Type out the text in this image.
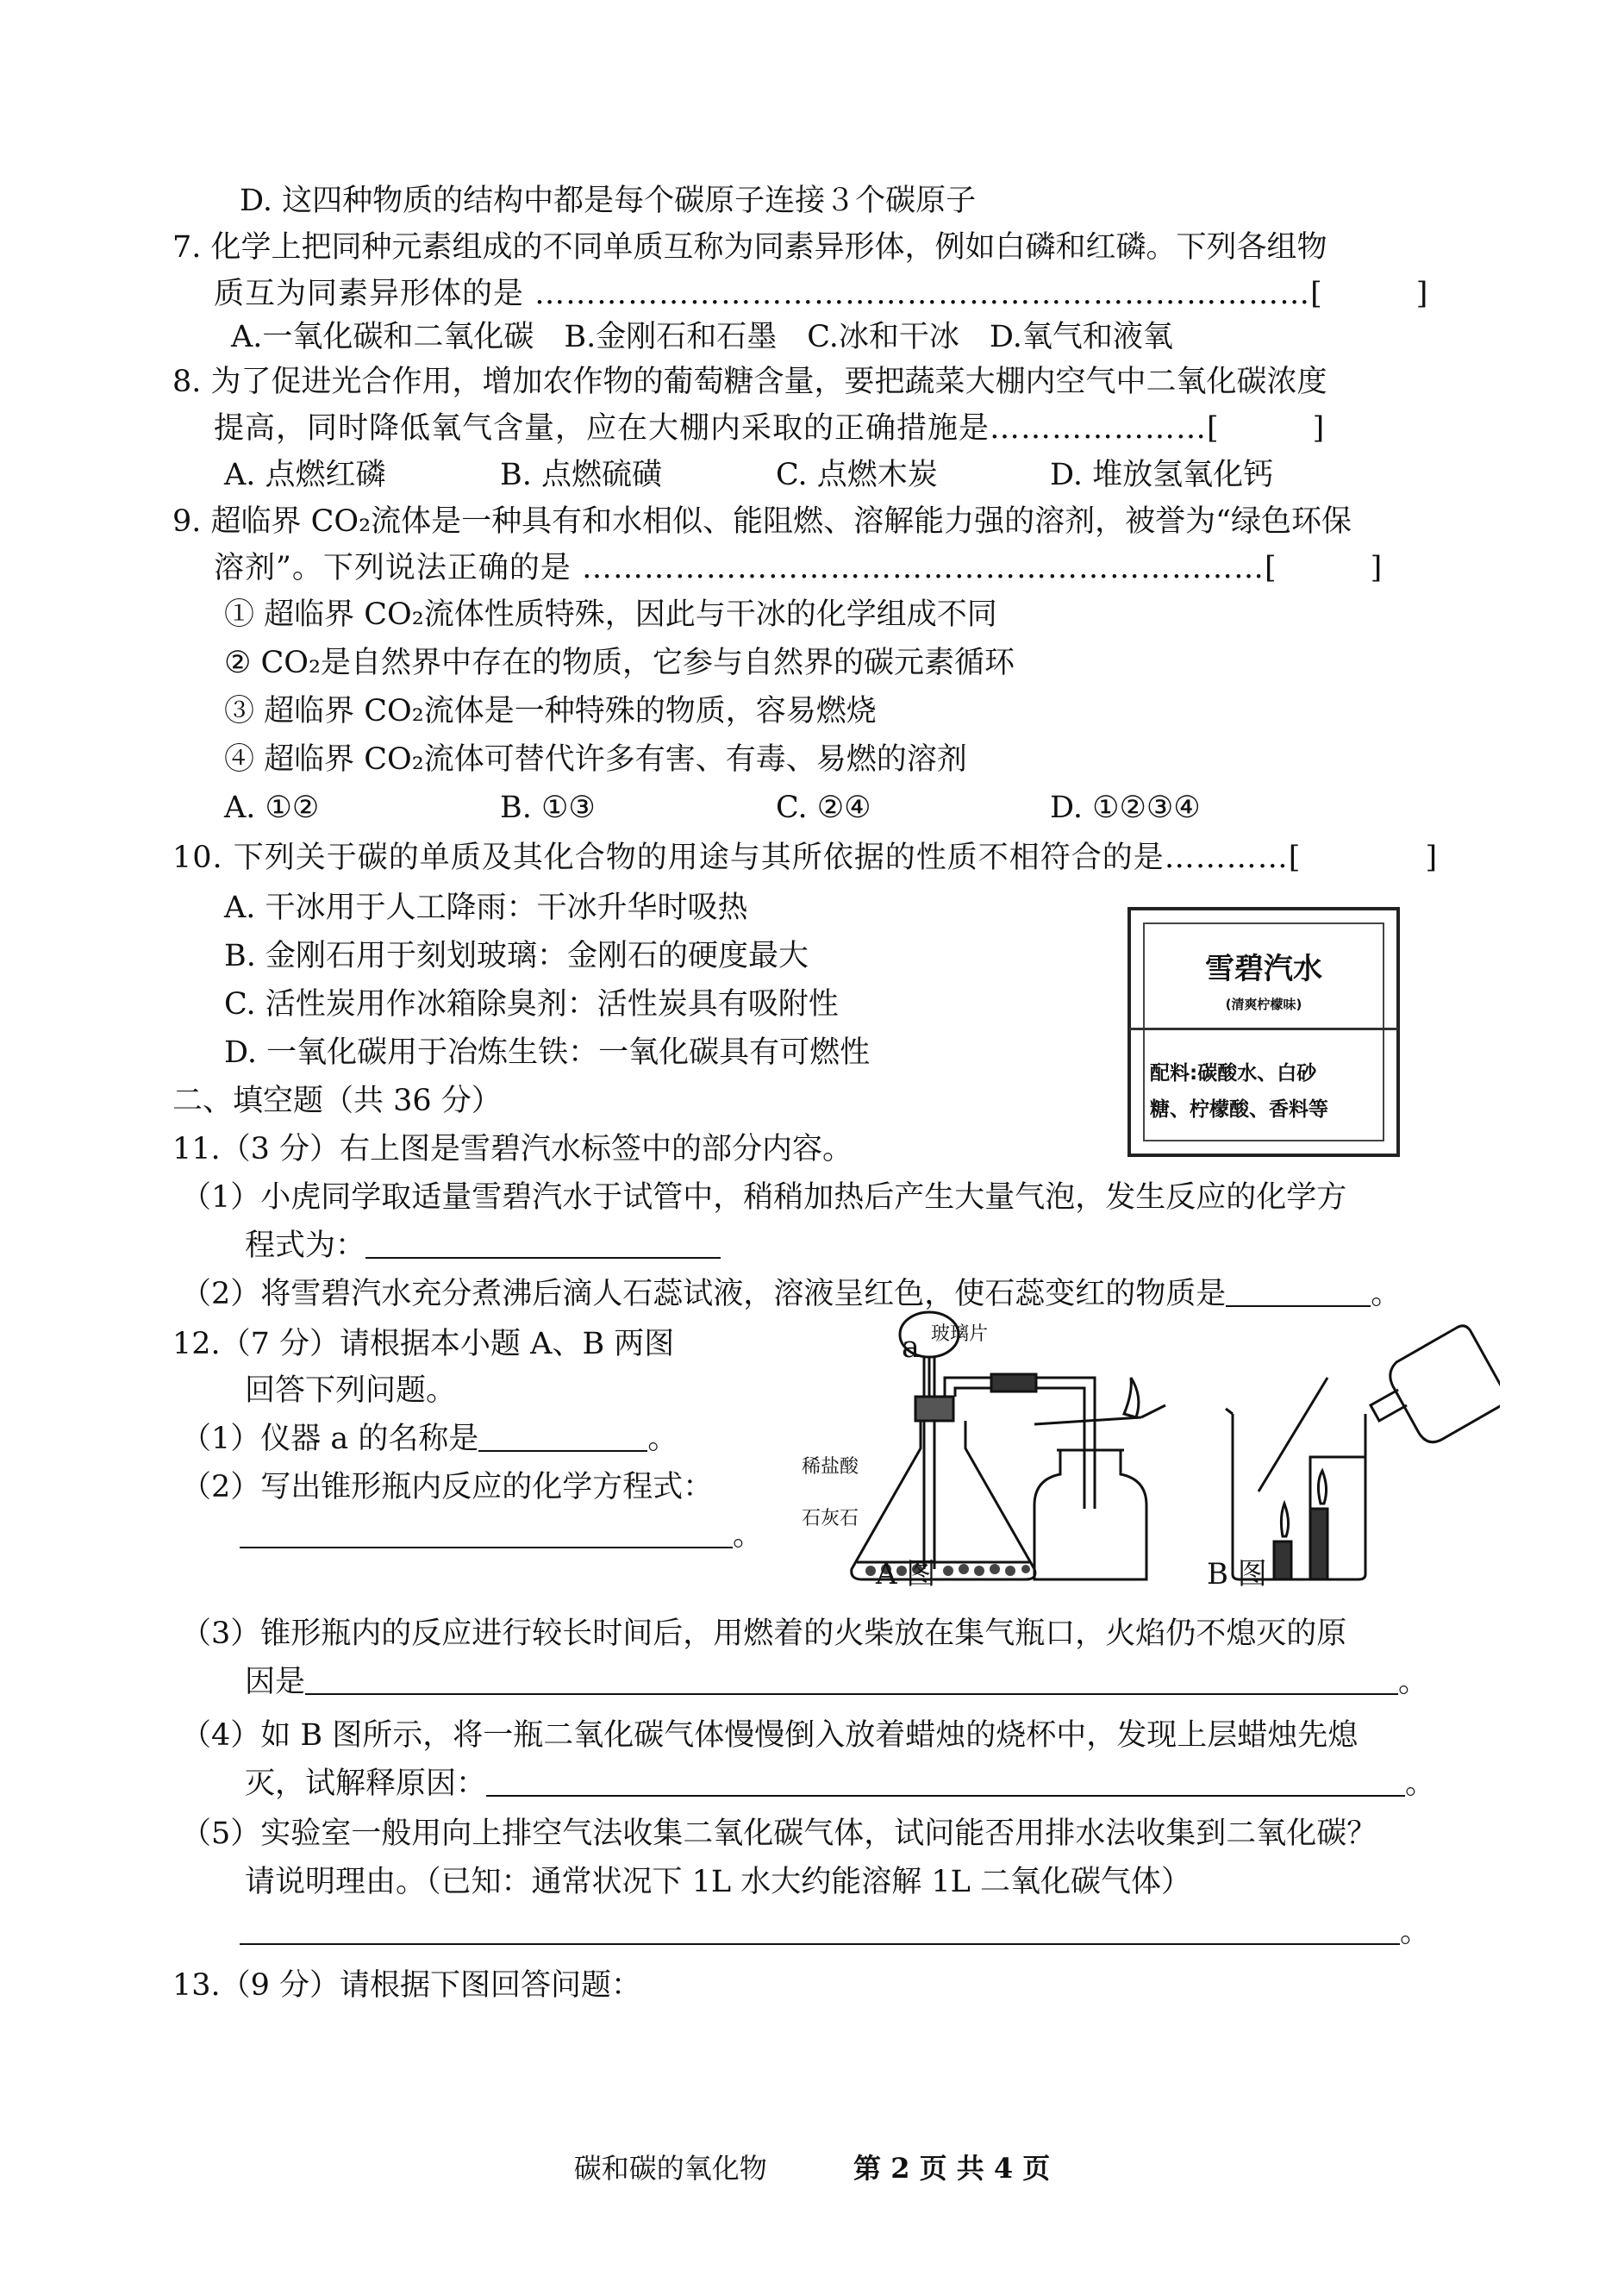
D. 这四种物质的结构中都是每个碳原子连接３个碳原子
7. 化学上把同种元素组成的不同单质互称为同素异形体，例如白磷和红磷。下列各组物
质互为同素异形体的是 …………………………………………………………………[　　　]
A.一氧化碳和二氧化碳　B.金刚石和石墨　C.冰和干冰　D.氧气和液氧
8. 为了促进光合作用，增加农作物的葡萄糖含量，要把蔬菜大棚内空气中二氧化碳浓度
提高，同时降低氧气含量，应在大棚内采取的正确措施是…………………[　　　]
A. 点燃红磷	B. 点燃硫磺	C. 点燃木炭	D. 堆放氢氧化钙
9. 超临界 CO₂流体是一种具有和水相似、能阻燃、溶解能力强的溶剂，被誉为“绿色环保
溶剂”。下列说法正确的是 …………………………………………………………[　　　]
① 超临界 CO₂流体性质特殊，因此与干冰的化学组成不同
② CO₂是自然界中存在的物质，它参与自然界的碳元素循环
③ 超临界 CO₂流体是一种特殊的物质，容易燃烧
④ 超临界 CO₂流体可替代许多有害、有毒、易燃的溶剂
A. ①②	B. ①③	C. ②④	D. ①②③④
10. 下列关于碳的单质及其化合物的用途与其所依据的性质不相符合的是…………[　　　　]
A. 干冰用于人工降雨：干冰升华时吸热
B. 金刚石用于刻划玻璃：金刚石的硬度最大
C. 活性炭用作冰箱除臭剂：活性炭具有吸附性
D. 一氧化碳用于冶炼生铁：一氧化碳具有可燃性
雪碧汽水
(清爽柠檬味)
配料:碳酸水、白砂
糖、柠檬酸、香料等
二、填空题（共 36 分）
11.（3 分）右上图是雪碧汽水标签中的部分内容。
（1）小虎同学取适量雪碧汽水于试管中，稍稍加热后产生大量气泡，发生反应的化学方
程式为：
（2）将雪碧汽水充分煮沸后滴人石蕊试液，溶液呈红色，使石蕊变红的物质是	。
12.（7 分）请根据本小题 A、B 两图
回答下列问题。
（1）仪器 a 的名称是	。
（2）写出锥形瓶内反应的化学方程式：
。
玻璃片
a
稀盐酸
石灰石
A 图	B 图
（3）锥形瓶内的反应进行较长时间后，用燃着的火柴放在集气瓶口，火焰仍不熄灭的原
因是	。
（4）如 B 图所示，将一瓶二氧化碳气体慢慢倒入放着蜡烛的烧杯中，发现上层蜡烛先熄
灭，试解释原因：	。
（5）实验室一般用向上排空气法收集二氧化碳气体，试问能否用排水法收集到二氧化碳？
请说明理由。（已知：通常状况下 1L 水大约能溶解 1L 二氧化碳气体）
。
13.（9 分）请根据下图回答问题：
碳和碳的氧化物	第 2 页 共 4 页
